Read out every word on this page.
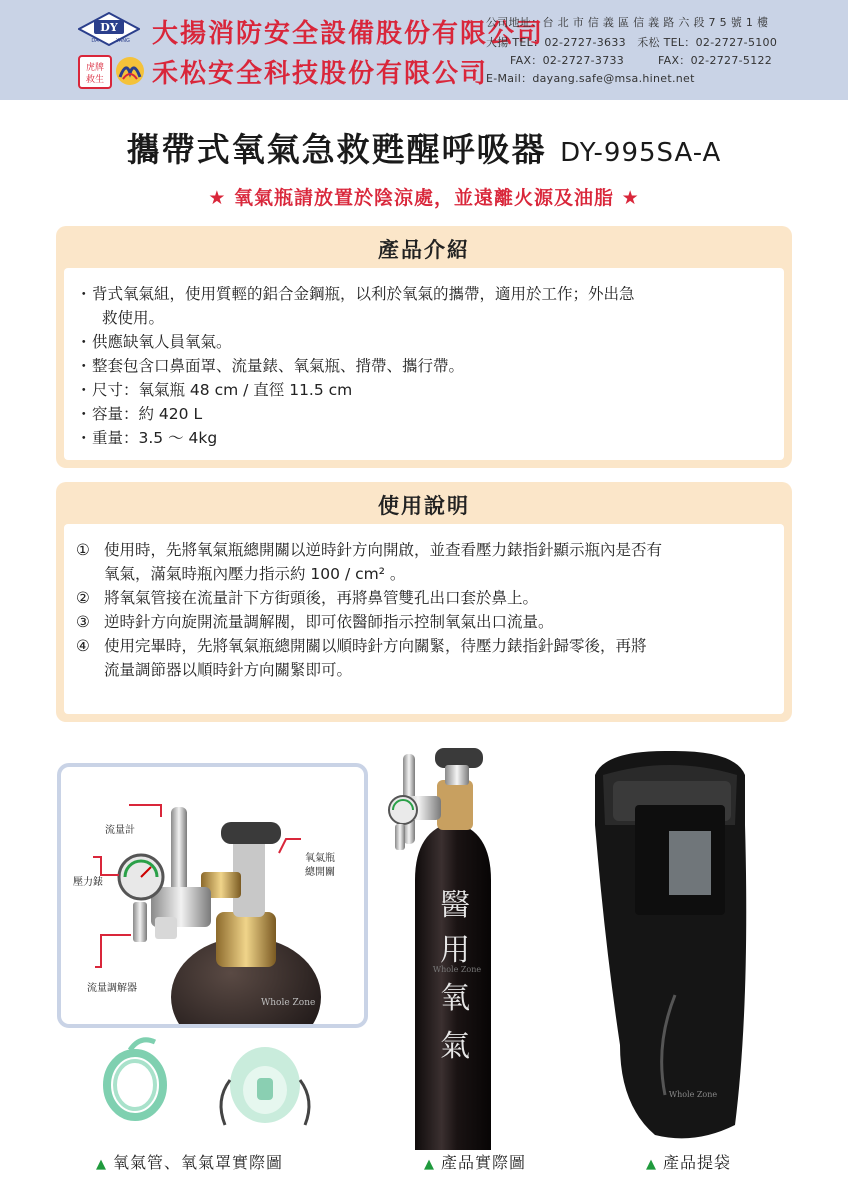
DY
DA	YANG 大揚消防安全設備股份有限公司
虎牌
救生 禾松安全科技股份有限公司
公司地址：台 北 市 信 義 區 信 義 路 六 段 7 5 號 1 樓
大揚 TEL：02-2727-3633　禾松 TEL：02-2727-5100
FAX：02-2727-3733　　　FAX：02-2727-5122
E-Mail：dayang.safe@msa.hinet.net
攜帶式氧氣急救甦醒呼吸器 DY-995SA-A
★ 氧氣瓶請放置於陰涼處，並遠離火源及油脂 ★
產品介紹
・ 背式氧氣組，使用質輕的鋁合金鋼瓶，以利於氧氣的攜帶，適用於工作；外出急
救使用。
・ 供應缺氧人員氧氣。
・ 整套包含口鼻面罩、流量錶、氧氣瓶、揹帶、攜行帶。
・ 尺寸：氧氣瓶 48 cm / 直徑 11.5 cm
・ 容量：約 420 L
・ 重量：3.5 ～ 4kg
使用說明
① 使用時，先將氧氣瓶總開關以逆時針方向開啟，並查看壓力錶指針顯示瓶內是否有
氧氣，滿氣時瓶內壓力指示約 100 / cm² 。
② 將氧氣管接在流量計下方街頭後，再將鼻管雙孔出口套於鼻上。
③ 逆時針方向旋開流量調解閥，即可依醫師指示控制氧氣出口流量。
④ 使用完畢時，先將氧氣瓶總開關以順時針方向關緊，待壓力錶指針歸零後，再將
流量調節器以順時針方向關緊即可。
Whole Zone
流量計
壓力錶
氧氣瓶
總開關
流量調解器
醫
用
氧
氣
Whole Zone
Whole Zone
▲ 氧氣管、氧氣罩實際圖	▲ 產品實際圖	▲ 產品提袋
